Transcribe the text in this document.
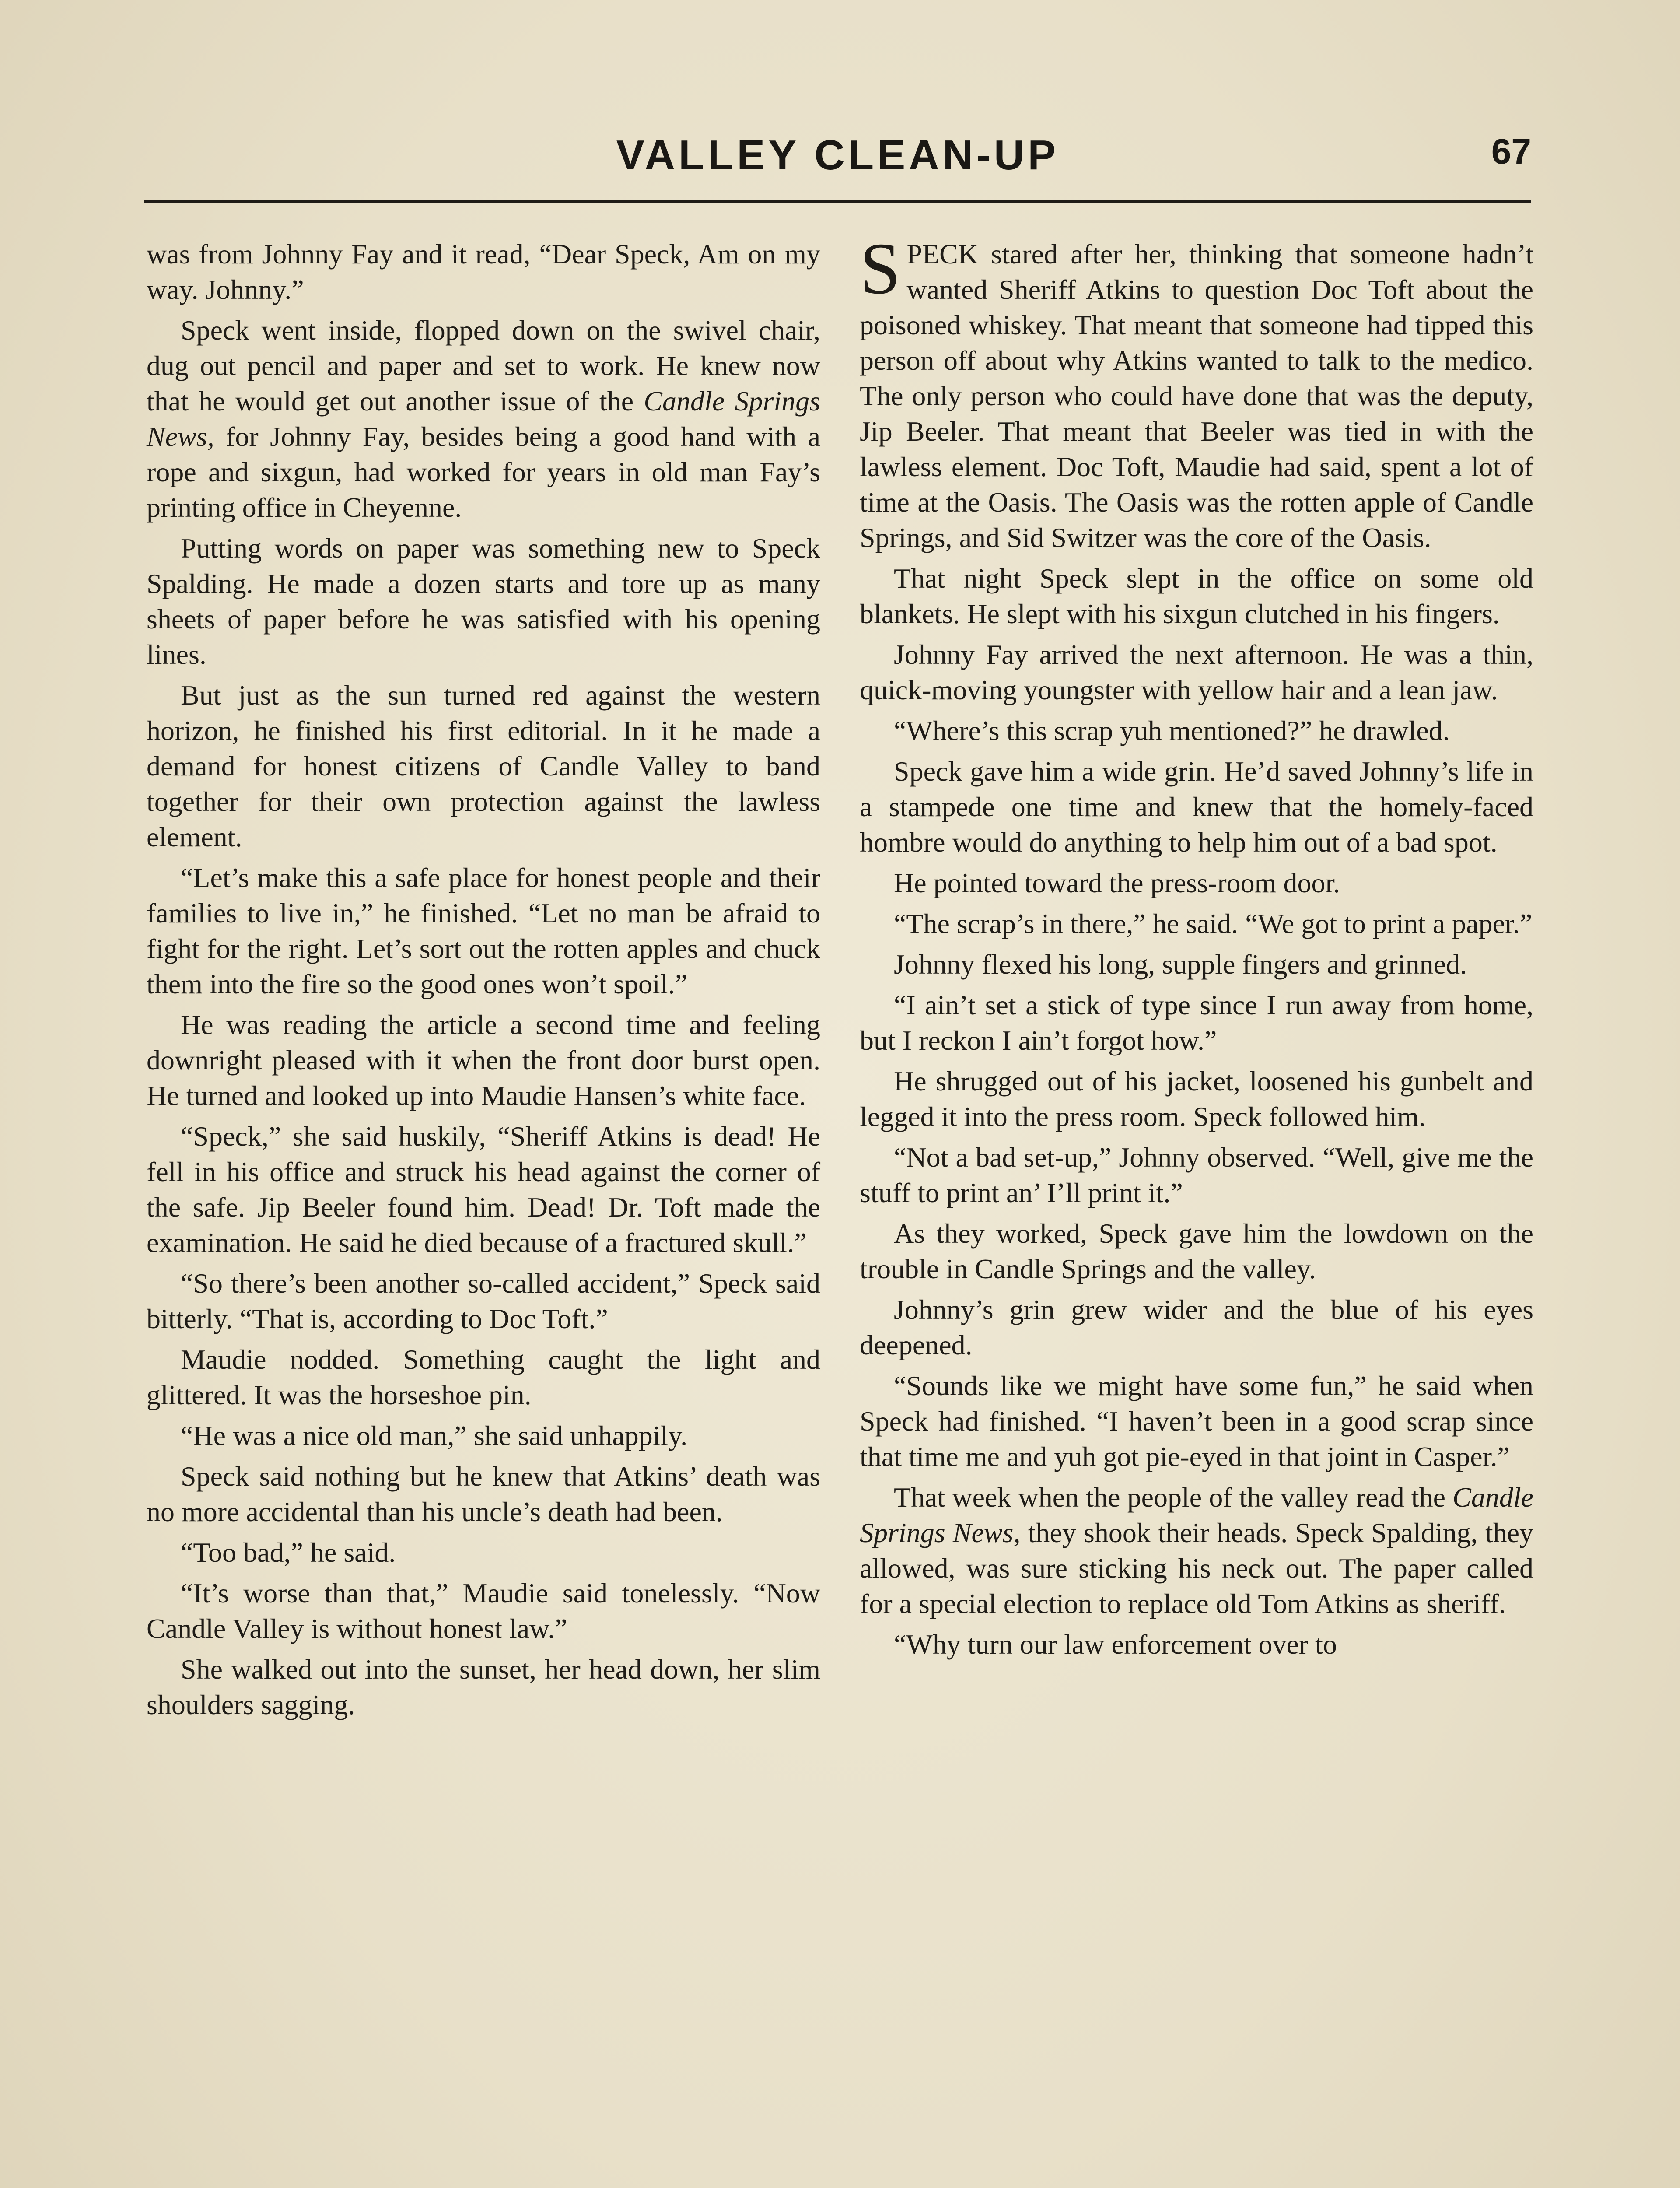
VALLEY CLEAN-UP	67

was from Johnny Fay and it read, “Dear Speck, Am on my way. Johnny.”

Speck went inside, flopped down on the swivel chair, dug out pencil and paper and set to work. He knew now that he would get out another issue of the Candle Springs News, for Johnny Fay, besides being a good hand with a rope and sixgun, had worked for years in old man Fay’s printing office in Cheyenne.

Putting words on paper was something new to Speck Spalding. He made a dozen starts and tore up as many sheets of paper before he was satisfied with his opening lines.

But just as the sun turned red against the western horizon, he finished his first editorial. In it he made a demand for honest citizens of Candle Valley to band together for their own protection against the lawless element.

“Let’s make this a safe place for honest people and their families to live in,” he finished. “Let no man be afraid to fight for the right. Let’s sort out the rotten apples and chuck them into the fire so the good ones won’t spoil.”

He was reading the article a second time and feeling downright pleased with it when the front door burst open. He turned and looked up into Maudie Hansen’s white face.

“Speck,” she said huskily, “Sheriff Atkins is dead! He fell in his office and struck his head against the corner of the safe. Jip Beeler found him. Dead! Dr. Toft made the examination. He said he died because of a fractured skull.”

“So there’s been another so-called accident,” Speck said bitterly. “That is, according to Doc Toft.”

Maudie nodded. Something caught the light and glittered. It was the horseshoe pin.

“He was a nice old man,” she said unhappily.

Speck said nothing but he knew that Atkins’ death was no more accidental than his uncle’s death had been.

“Too bad,” he said.

“It’s worse than that,” Maudie said tonelessly. “Now Candle Valley is without honest law.”

She walked out into the sunset, her head down, her slim shoulders sagging.

SPECK stared after her, thinking that someone hadn’t wanted Sheriff Atkins to question Doc Toft about the poisoned whiskey. That meant that someone had tipped this person off about why Atkins wanted to talk to the medico. The only person who could have done that was the deputy, Jip Beeler. That meant that Beeler was tied in with the lawless element. Doc Toft, Maudie had said, spent a lot of time at the Oasis. The Oasis was the rotten apple of Candle Springs, and Sid Switzer was the core of the Oasis.

That night Speck slept in the office on some old blankets. He slept with his sixgun clutched in his fingers.

Johnny Fay arrived the next afternoon. He was a thin, quick-moving youngster with yellow hair and a lean jaw.

“Where’s this scrap yuh mentioned?” he drawled.

Speck gave him a wide grin. He’d saved Johnny’s life in a stampede one time and knew that the homely-faced hombre would do anything to help him out of a bad spot.

He pointed toward the press-room door.

“The scrap’s in there,” he said. “We got to print a paper.”

Johnny flexed his long, supple fingers and grinned.

“I ain’t set a stick of type since I run away from home, but I reckon I ain’t forgot how.”

He shrugged out of his jacket, loosened his gunbelt and legged it into the press room. Speck followed him.

“Not a bad set-up,” Johnny observed. “Well, give me the stuff to print an’ I’ll print it.”

As they worked, Speck gave him the lowdown on the trouble in Candle Springs and the valley.

Johnny’s grin grew wider and the blue of his eyes deepened.

“Sounds like we might have some fun,” he said when Speck had finished. “I haven’t been in a good scrap since that time me and yuh got pie-eyed in that joint in Casper.”

That week when the people of the valley read the Candle Springs News, they shook their heads. Speck Spalding, they allowed, was sure sticking his neck out. The paper called for a special election to replace old Tom Atkins as sheriff.

“Why turn our law enforcement over to
